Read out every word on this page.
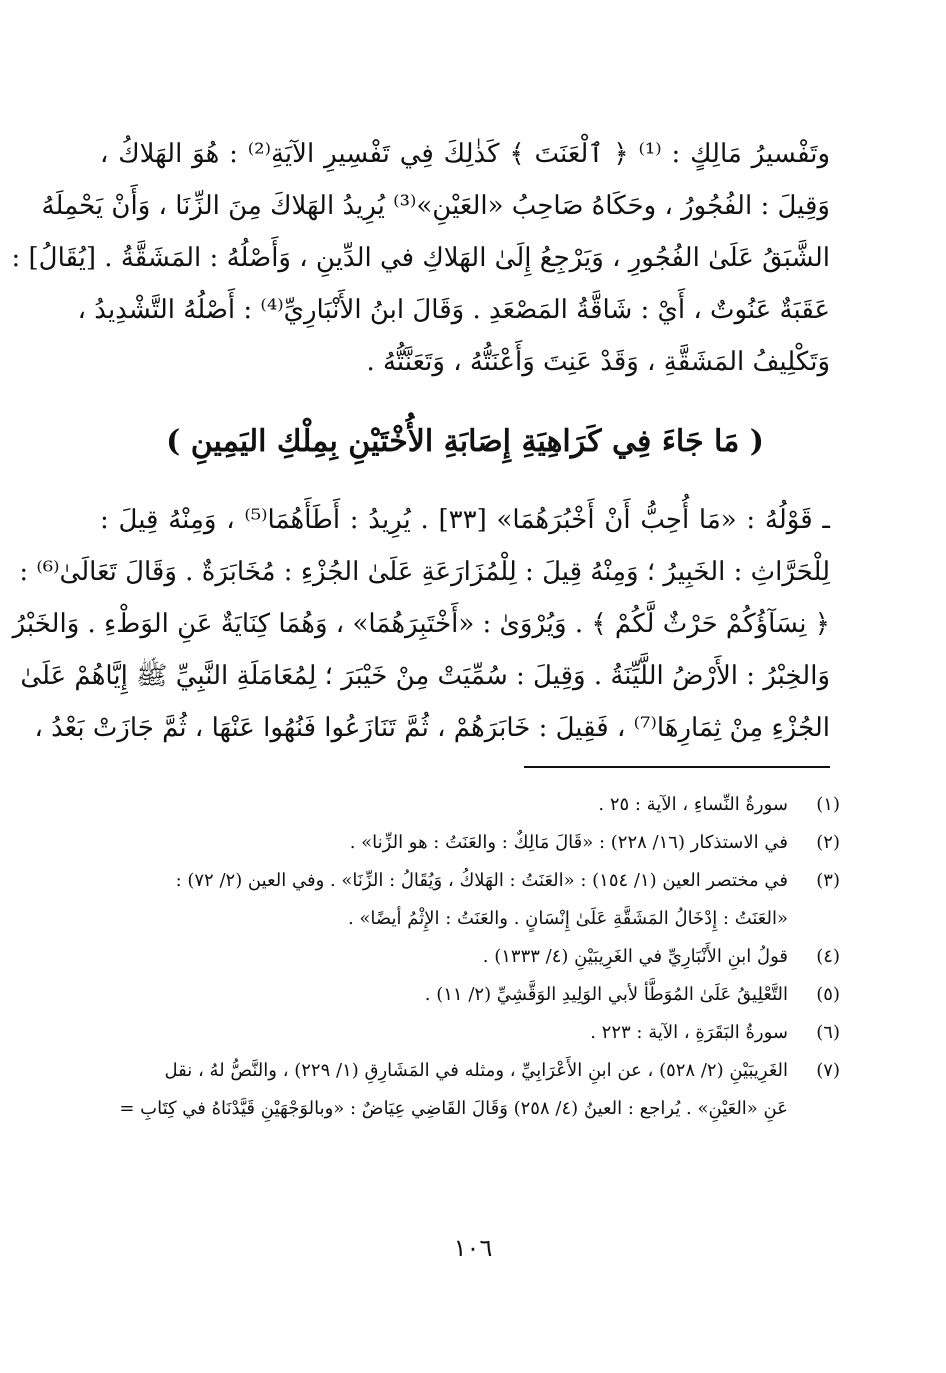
وتَفْسيرُ مَالِكٍ : ⁽¹⁾ ﴿ ٱلْعَنَتَ ﴾ كَذٰلِكَ فِي تَفْسِيرِ الآيَةِ⁽²⁾ : هُوَ الهَلاكُ ،
وَقِيلَ : الفُجُورُ ، وحَكَاهُ صَاحِبُ «العَيْنِ»⁽³⁾ يُرِيدُ الهَلاكَ مِنَ الزِّنَا ، وَأَنْ يَحْمِلَهُ
الشَّبَقُ عَلَىٰ الفُجُورِ ، وَيَرْجِعُ إِلَىٰ الهَلاكِ في الدِّينِ ، وَأَصْلُهُ : المَشَقَّةُ . [يُقَالُ] :
عَقَبَةٌ عَنُوتٌ ، أَيْ : شَاقَّةُ المَصْعَدِ . وَقَالَ ابنُ الأَنْبَارِيِّ⁽⁴⁾ : أَصْلُهُ التَّشْدِيدُ ،
وَتَكْلِيفُ المَشَقَّةِ ، وَقَدْ عَنِتَ وَأَعْنَتُّهُ ، وَتَعَنَّتُّهُ .
( مَا جَاءَ فِي كَرَاهِيَةِ إِصَابَةِ الأُخْتَيْنِ بِمِلْكِ اليَمِينِ )
ـ قَوْلُهُ : «مَا أُحِبُّ أَنْ أَخْبُرَهُمَا» [٣٣] . يُرِيدُ : أَطَأَهُمَا⁽⁵⁾ ، وَمِنْهُ قِيلَ :
لِلْحَرَّاثِ : الخَبِيرُ ؛ وَمِنْهُ قِيلَ : لِلْمُزَارَعَةِ عَلَىٰ الجُزْءِ : مُخَابَرَةٌ . وَقَالَ تَعَالَىٰ⁽⁶⁾ :
﴿ نِسَآؤُكُمْ حَرْثٌ لَّكُمْ ﴾ . وَيُرْوَىٰ : «أَخْتَبِرَهُمَا» ، وَهُمَا كِنَايَةٌ عَنِ الوَطْءِ . وَالخَبْرُ
وَالخِبْرُ : الأَرْضُ اللَّيِّنَةُ . وَقِيلَ : سُمِّيَتْ مِنْ خَيْبَرَ ؛ لِمُعَامَلَةِ النَّبِيِّ ﷺ إِيَّاهُمْ عَلَىٰ
الجُزْءِ مِنْ ثِمَارِهَا⁽⁷⁾ ، فَقِيلَ : خَابَرَهُمْ ، ثُمَّ تَنَازَعُوا فَنُهُوا عَنْهَا ، ثُمَّ جَازَتْ بَعْدُ ،
(١)
سورةُ النِّساءِ ، الآية : ٢٥ .
(٢)
في الاستذكار (١٦/ ٢٢٨) : «قَالَ مَالِكٌ : والعَنَتُ : هو الزِّنا» .
(٣)
في مختصر العين (١/ ١٥٤) : «العَنَتُ : الهَلاكُ ، وَيُقَالُ : الزِّنَا» . وفي العين (٢/ ٧٢) :
«العَنَتُ : إِدْخَالُ المَشَقَّةِ عَلَىٰ إِنْسَانٍ . والعَنَتُ : الإِثْمُ أيضًا» .
(٤)
قولُ ابنِ الأَنْبَارِيِّ في الغَرِيبَيْنِ (٤/ ١٣٣٣) .
(٥)
التَّعْلِيقُ عَلَىٰ المُوَطَّأ لأبي الوَلِيدِ الوَقَّشِيِّ (٢/ ١١) .
(٦)
سورةُ البَقَرَةِ ، الآية : ٢٢٣ .
(٧)
الغَرِيبَيْنِ (٢/ ٥٢٨) ، عن ابنِ الأَعْرَابِيِّ ، ومثله في المَشَارِقِ (١/ ٢٢٩) ، والنَّصُّ لهُ ، نقل
عَنِ «العَيْنِ» . يُراجع : العينُ (٤/ ٢٥٨) وَقَالَ القَاضِي عِيَاضٌ : «وبالوَجْهَيْنِ قَيَّدْنَاهُ في كِتَابِ =
١٠٦
